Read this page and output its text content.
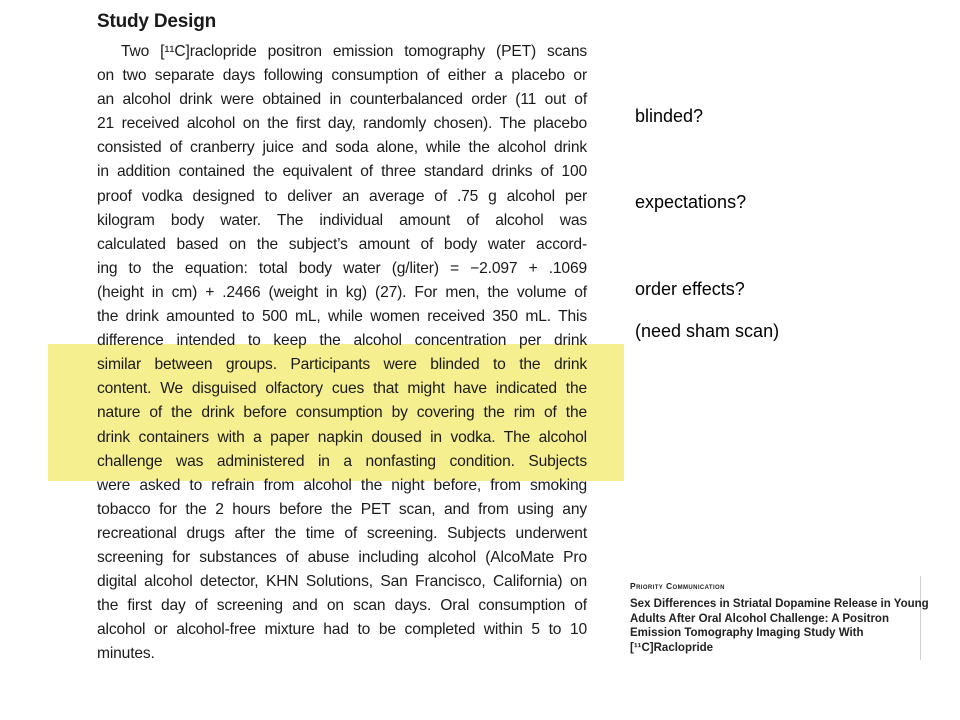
Study Design
Two [¹¹C]raclopride positron emission tomography (PET) scans
on two separate days following consumption of either a placebo or
an alcohol drink were obtained in counterbalanced order (11 out of
21 received alcohol on the first day, randomly chosen). The placebo
consisted of cranberry juice and soda alone, while the alcohol drink
in addition contained the equivalent of three standard drinks of 100
proof vodka designed to deliver an average of .75 g alcohol per
kilogram body water. The individual amount of alcohol was
calculated based on the subject’s amount of body water accord-
ing to the equation: total body water (g/liter) = −2.097 + .1069
(height in cm) + .2466 (weight in kg) (27). For men, the volume of
the drink amounted to 500 mL, while women received 350 mL. This
difference intended to keep the alcohol concentration per drink
similar between groups. Participants were blinded to the drink
content. We disguised olfactory cues that might have indicated the
nature of the drink before consumption by covering the rim of the
drink containers with a paper napkin doused in vodka. The alcohol
challenge was administered in a nonfasting condition. Subjects
were asked to refrain from alcohol the night before, from smoking
tobacco for the 2 hours before the PET scan, and from using any
recreational drugs after the time of screening. Subjects underwent
screening for substances of abuse including alcohol (AlcoMate Pro
digital alcohol detector, KHN Solutions, San Francisco, California) on
the first day of screening and on scan days. Oral consumption of
alcohol or alcohol-free mixture had to be completed within 5 to 10
minutes.
blinded?
expectations?
order effects?
(need sham scan)
Priority Communication
Sex Differences in Striatal Dopamine Release in Young
Adults After Oral Alcohol Challenge: A Positron
Emission Tomography Imaging Study With
[¹¹C]Raclopride
